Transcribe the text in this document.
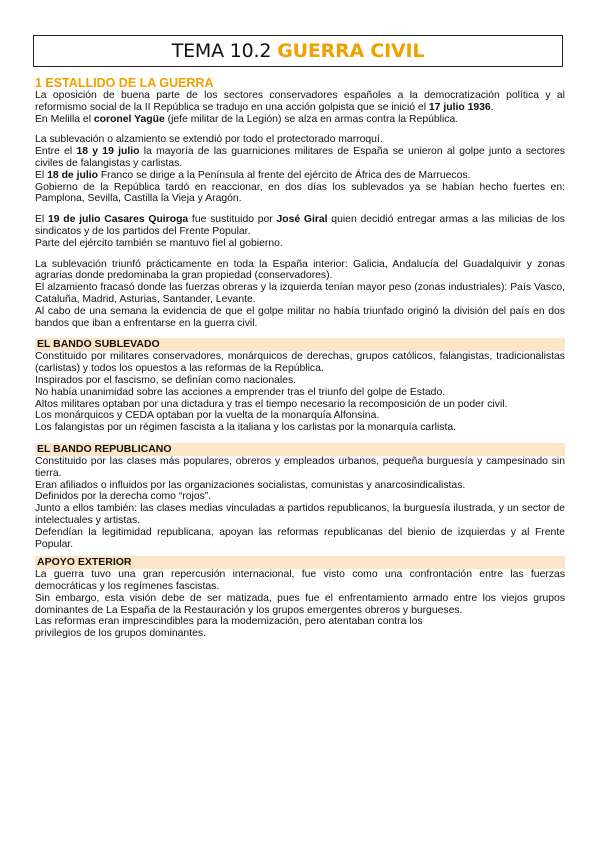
TEMA 10.2 GUERRA CIVIL

1 ESTALLIDO DE LA GUERRA

La oposición de buena parte de los sectores conservadores españoles a la democratización política y al reformismo social de la II República se tradujo en una acción golpista que se inició el 17 julio 1936.

En Melilla el coronel Yagüe (jefe militar de la Legión) se alza en armas contra la República.

La sublevación o alzamiento se extendió por todo el protectorado marroquí.

Entre el 18 y 19 julio la mayoría de las guarniciones militares de España se unieron al golpe junto a sectores civiles de falangistas y carlistas.

El 18 de julio Franco se dirige a la Península al frente del ejército de África des de Marruecos.

Gobierno de la República tardó en reaccionar, en dos días los sublevados ya se habían hecho fuertes en: Pamplona, Sevilla, Castilla la Vieja y Aragón.

El 19 de julio Casares Quiroga fue sustituido por José Giral quien decidió entregar armas a las milicias de los sindicatos y de los partidos del Frente Popular.

Parte del ejército también se mantuvo fiel al gobierno.

La sublevación triunfó prácticamente en toda la España interior: Galicia, Andalucía del Guadalquivir y zonas agrarias donde predominaba la gran propiedad (conservadores).

El alzamiento fracasó donde las fuerzas obreras y la izquierda tenían mayor peso (zonas industriales): País Vasco, Cataluña, Madrid, Asturias, Santander, Levante.

Al cabo de una semana la evidencia de que el golpe militar no había triunfado originó la división del país en dos bandos que iban a enfrentarse en la guerra civil.

EL BANDO SUBLEVADO

Constituido por militares conservadores, monárquicos de derechas, grupos católicos, falangistas, tradicionalistas (carlistas) y todos los opuestos a las reformas de la República.

Inspirados por el fascismo, se definían como nacionales.

No había unanimidad sobre las acciones a emprender tras el triunfo del golpe de Estado.

Altos militares optaban por una dictadura y tras el tiempo necesario la recomposición de un poder civil.

Los monárquicos y CEDA optaban por la vuelta de la monarquía Alfonsina.

Los falangistas por un régimen fascista a la italiana y los carlistas por la monarquía carlista.

EL BANDO REPUBLICANO

Constituido por las clases más populares, obreros y empleados urbanos, pequeña burguesía y campesinado sin tierra.

Eran afiliados o influidos por las organizaciones socialistas, comunistas y anarcosindicalistas.

Definidos por la derecha como “rojos”.

Junto a ellos también: las clases medias vinculadas a partidos republicanos, la burguesía ilustrada, y un sector de intelectuales y artistas.

Defendían la legitimidad republicana, apoyan las reformas republicanas del bienio de izquierdas y al Frente Popular.

APOYO EXTERIOR

La guerra tuvo una gran repercusión internacional, fue visto como una confrontación entre las fuerzas democráticas y los regímenes fascistas.

Sin embargo, esta visión debe de ser matizada, pues fue el enfrentamiento armado entre los viejos grupos dominantes de La España de la Restauración y los grupos emergentes obreros y burgueses.

Las reformas eran imprescindibles para la modernización, pero atentaban contra los

privilegios de los grupos dominantes.
